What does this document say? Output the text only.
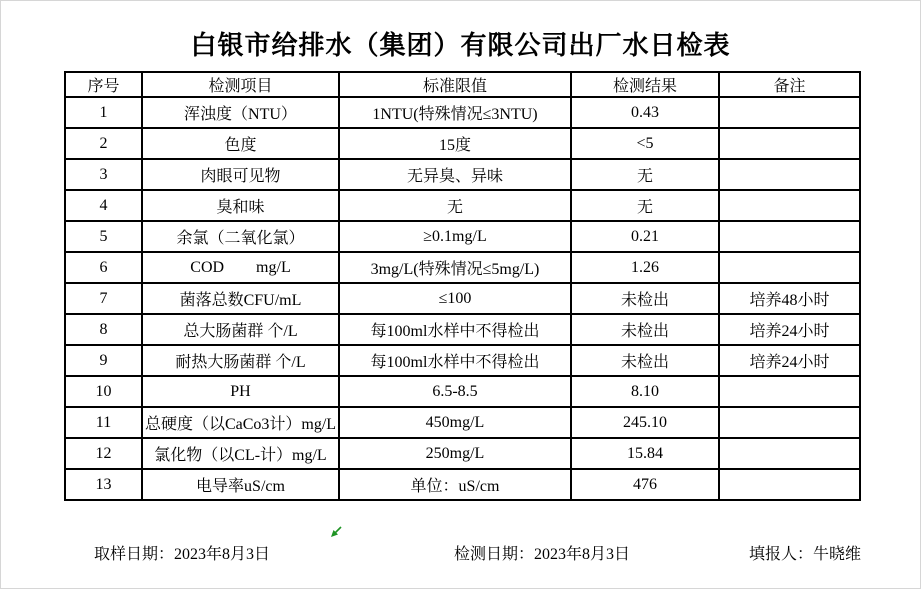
白银市给排水（集团）有限公司出厂水日检表
序号	检测项目	标准限值	检测结果	备注
1	浑浊度（NTU）	1NTU(特殊情况≤3NTU)	0.43	
2	色度	15度	<5	
3	肉眼可见物	无异臭、异味	无	
4	臭和味	无	无	
5	余氯（二氧化氯）	≥0.1mg/L	0.21	
6	COD        mg/L	3mg/L(特殊情况≤5mg/L)	1.26	
7	菌落总数CFU/mL	≤100	未检出	培养48小时
8	总大肠菌群 个/L	每100ml水样中不得检出	未检出	培养24小时
9	耐热大肠菌群 个/L	每100ml水样中不得检出	未检出	培养24小时
10	PH	6.5-8.5	8.10	
11	总硬度（以CaCo3计）mg/L	450mg/L	245.10	
12	氯化物（以CL-计）mg/L	250mg/L	15.84	
13	电导率uS/cm	单位：uS/cm	476	
取样日期：2023年8月3日	检测日期：2023年8月3日	填报人：牛晓维
